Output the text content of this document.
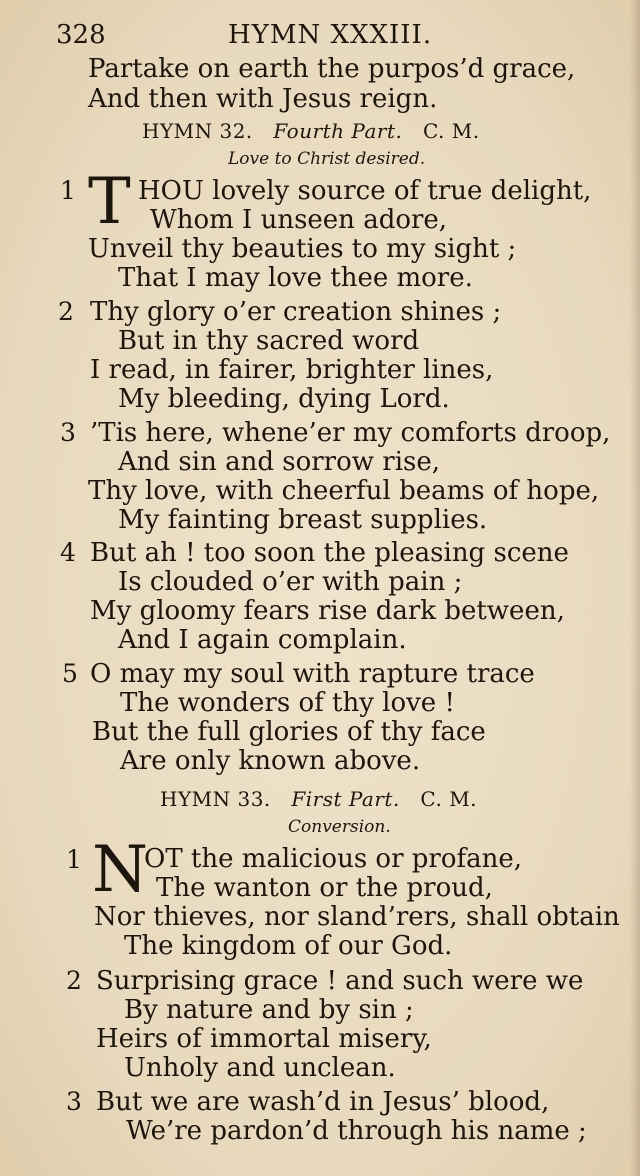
328	HYMN XXXIII.
Partake on earth the purpos’d grace,
And then with Jesus reign.
HYMN 32. Fourth Part. C. M.
Love to Christ desired.
1 T HOU lovely source of true delight,
Whom I unseen adore,
Unveil thy beauties to my sight ;
That I may love thee more.
2 Thy glory o’er creation shines ;
But in thy sacred word
I read, in fairer, brighter lines,
My bleeding, dying Lord.
3 ’Tis here, whene’er my comforts droop,
And sin and sorrow rise,
Thy love, with cheerful beams of hope,
My fainting breast supplies.
4 But ah ! too soon the pleasing scene
Is clouded o’er with pain ;
My gloomy fears rise dark between,
And I again complain.
5 O may my soul with rapture trace
The wonders of thy love !
But the full glories of thy face
Are only known above.
HYMN 33. First Part. C. M.
Conversion.
1 N
OT the malicious or profane,
The wanton or the proud,
Nor thieves, nor sland’rers, shall obtain
The kingdom of our God.
2 Surprising grace ! and such were we
By nature and by sin ;
Heirs of immortal misery,
Unholy and unclean.
3 But we are wash’d in Jesus’ blood,
We’re pardon’d through his name ;
